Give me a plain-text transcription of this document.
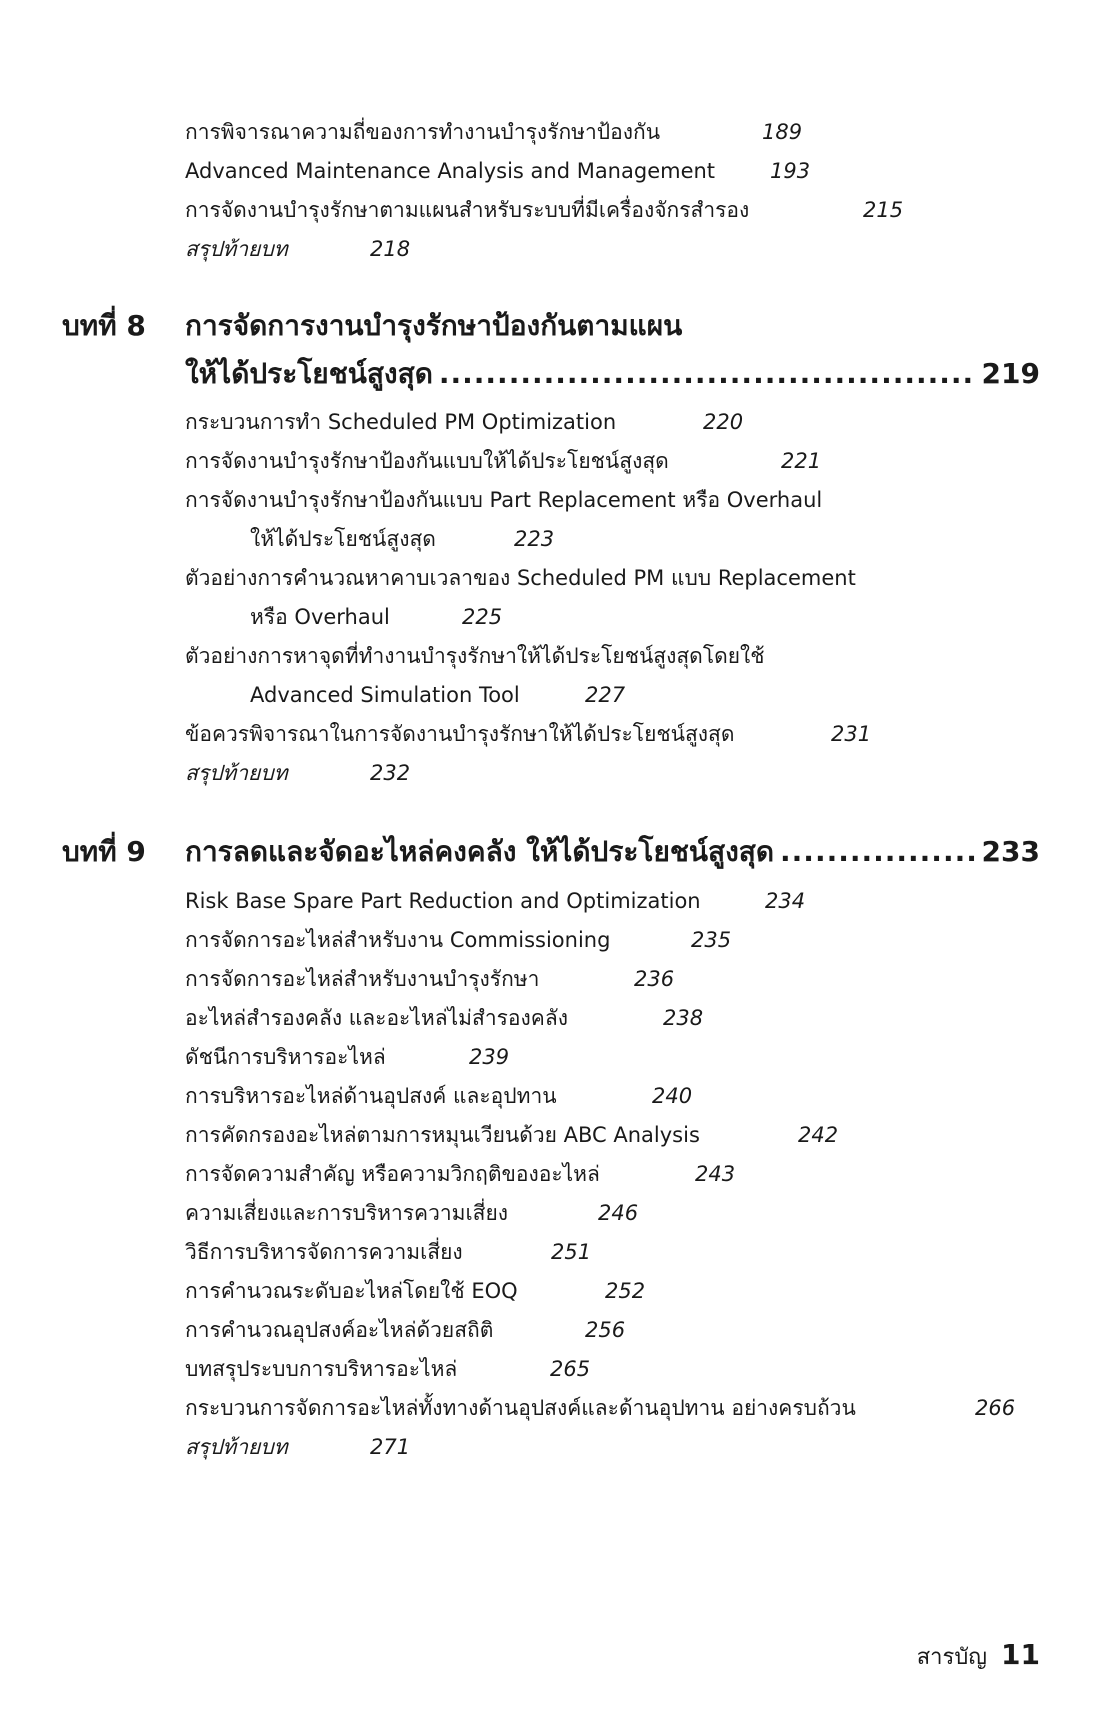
การพิจารณาความถี่ของการทำงานบำรุงรักษาป้องกัน	189
Advanced Maintenance Analysis and Management	193
การจัดงานบำรุงรักษาตามแผนสำหรับระบบที่มีเครื่องจักรสำรอง	215
สรุปท้ายบท	218
บทที่ 8 การจัดการงานบำรุงรักษาป้องกันตามแผน
ให้ได้ประโยชน์สูงสุด .....	219
กระบวนการทำ Scheduled PM Optimization	220
การจัดงานบำรุงรักษาป้องกันแบบให้ได้ประโยชน์สูงสุด	221
การจัดงานบำรุงรักษาป้องกันแบบ Part Replacement หรือ Overhaul
ให้ได้ประโยชน์สูงสุด	223
ตัวอย่างการคำนวณหาคาบเวลาของ Scheduled PM แบบ Replacement
หรือ Overhaul	225
ตัวอย่างการหาจุดที่ทำงานบำรุงรักษาให้ได้ประโยชน์สูงสุดโดยใช้
Advanced Simulation Tool	227
ข้อควรพิจารณาในการจัดงานบำรุงรักษาให้ได้ประโยชน์สูงสุด	231
สรุปท้ายบท	232
บทที่ 9 การลดและจัดอะไหล่คงคลัง ให้ได้ประโยชน์สูงสุด .....	233
Risk Base Spare Part Reduction and Optimization	234
การจัดการอะไหล่สำหรับงาน Commissioning	235
การจัดการอะไหล่สำหรับงานบำรุงรักษา	236
อะไหล่สำรองคลัง และอะไหล่ไม่สำรองคลัง	238
ดัชนีการบริหารอะไหล่	239
การบริหารอะไหล่ด้านอุปสงค์ และอุปทาน	240
การคัดกรองอะไหล่ตามการหมุนเวียนด้วย ABC Analysis	242
การจัดความสำคัญ หรือความวิกฤติของอะไหล่	243
ความเสี่ยงและการบริหารความเสี่ยง	246
วิธีการบริหารจัดการความเสี่ยง	251
การคำนวณระดับอะไหล่โดยใช้ EOQ	252
การคำนวณอุปสงค์อะไหล่ด้วยสถิติ	256
บทสรุประบบการบริหารอะไหล่	265
กระบวนการจัดการอะไหล่ทั้งทางด้านอุปสงค์และด้านอุปทาน อย่างครบถ้วน	266
สรุปท้ายบท	271
สารบัญ 11
